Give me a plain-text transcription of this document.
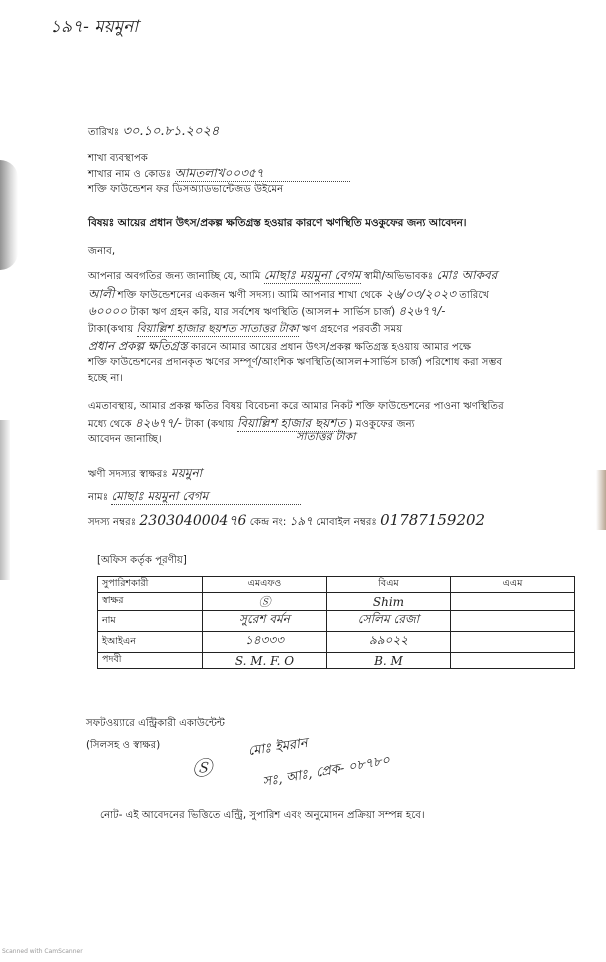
১৯৭- ময়মুনা
তারিখঃ ৩০.১০.৮১.২০২৪
শাখা ব্যবস্থাপক
শাখার নাম ও কোডঃ আমতলাখ০০৩৫৭
শক্তি ফাউন্ডেশন ফর ডিসঅ্যাডভান্টেজড উইমেন
বিষয়ঃ আয়ের প্রধান উৎস/প্রকল্প ক্ষতিগ্রস্ত হওয়ার কারণে ঋণস্থিতি মওকুফের জন্য আবেদন।
জনাব,
আপনার অবগতির জন্য জানাচ্ছি যে, আমি মোছাঃ ময়মুনা বেগম স্বামী/অভিভাবকঃ মোঃ আকবর
আলী শক্তি ফাউন্ডেশনের একজন ঋণী সদস্য। আমি আপনার শাখা থেকে ২৬/০৩/২০২৩ তারিখে
৬০০০০ টাকা ঋণ গ্রহন করি, যার সর্বশেষ ঋণস্থিতি (আসল+ সার্ভিস চার্জ) ৪২৬৭৭/-
টাকা(কথায় বিয়াল্লিশ হাজার ছয়শত সাতাত্তর টাকা ঋণ গ্রহণের পরবর্তী সময়
প্রধান প্রকল্প ক্ষতিগ্রস্ত কারনে আমার আয়ের প্রধান উৎস/প্রকল্প ক্ষতিগ্রস্ত হওয়ায় আমার পক্ষে
শক্তি ফাউন্ডেশনের প্রদানকৃত ঋণের সম্পূর্ণ/আংশিক ঋণস্থিতি(আসল+সার্ভিস চার্জ) পরিশোধ করা সম্ভব
হচ্ছে না।
এমতাবস্থায়, আমার প্রকল্প ক্ষতির বিষয় বিবেচনা করে আমার নিকট শক্তি ফাউন্ডেশনের পাওনা ঋণস্থিতির
মধ্যে থেকে ৪২৬৭৭/- টাকা (কথায় বিয়াল্লিশ হাজার ছয়শত ) মওকুফের জন্য
সাতাত্তর টাকা
আবেদন জানাচ্ছি।
ঋণী সদস্যর স্বাক্ষরঃ ময়মুনা
নামঃ মোছাঃ ময়মুনা বেগম
সদস্য নম্বরঃ 2303040004৭6 কেন্দ্র নং: ১৯৭ মোবাইল নম্বরঃ 01787159202
[অফিস কর্তৃক পূরণীয়]
সুপারিশকারী	এমএফও	বিএম	এএম
স্বাক্ষর	Ⓢ	Shim	
নাম	সুরেশ বর্মন	সেলিম রেজা	
ইআইএন	১৪৩৩৩	৯৯০২২	
পদবী	S. M. F. O	B. M	
সফটওয়্যারে এন্ট্রিকারী একাউন্টেন্ট
(সিলসহ ও স্বাক্ষর)
Ⓢ
মোঃ ইমরান
সঃ, আঃ, প্রেক- ০৮৭৮০
নোট- এই আবেদনের ভিত্তিতে এন্ট্রি, সুপারিশ এবং অনুমোদন প্রক্রিয়া সম্পন্ন হবে।
Scanned with CamScanner
